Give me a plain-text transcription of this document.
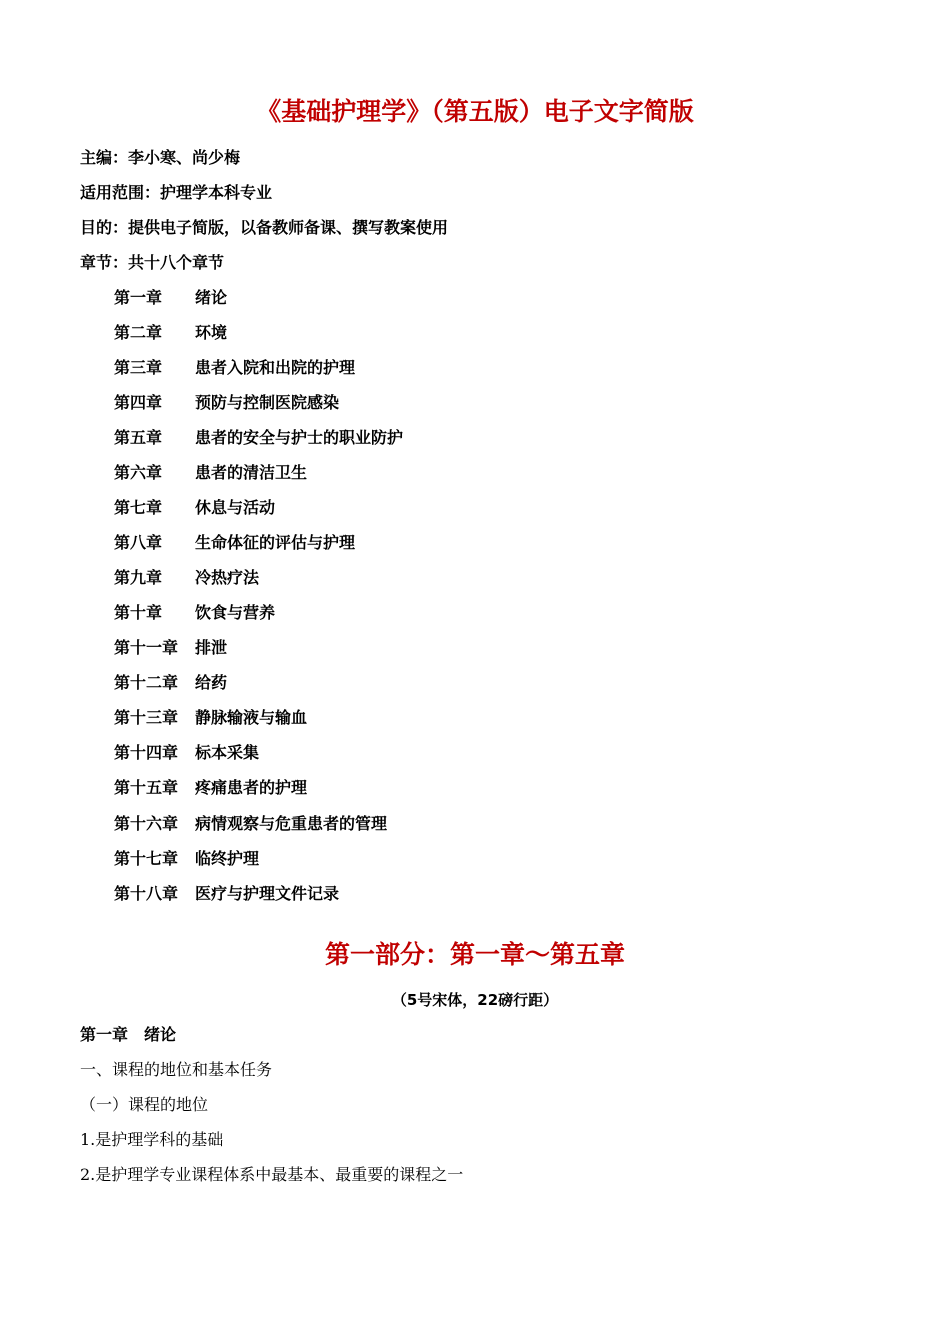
《基础护理学》（第五版）电子文字简版
主编：李小寒、尚少梅
适用范围：护理学本科专业
目的：提供电子简版，以备教师备课、撰写教案使用
章节：共十八个章节
第一章 绪论
第二章 环境
第三章 患者入院和出院的护理
第四章 预防与控制医院感染
第五章 患者的安全与护士的职业防护
第六章 患者的清洁卫生
第七章 休息与活动
第八章 生命体征的评估与护理
第九章 冷热疗法
第十章 饮食与营养
第十一章 排泄
第十二章 给药
第十三章 静脉输液与输血
第十四章 标本采集
第十五章 疼痛患者的护理
第十六章 病情观察与危重患者的管理
第十七章 临终护理
第十八章 医疗与护理文件记录
第一部分：第一章～第五章
（5号宋体，22磅行距）
第一章 绪论
一、课程的地位和基本任务
（一）课程的地位
1.是护理学科的基础
2.是护理学专业课程体系中最基本、最重要的课程之一
